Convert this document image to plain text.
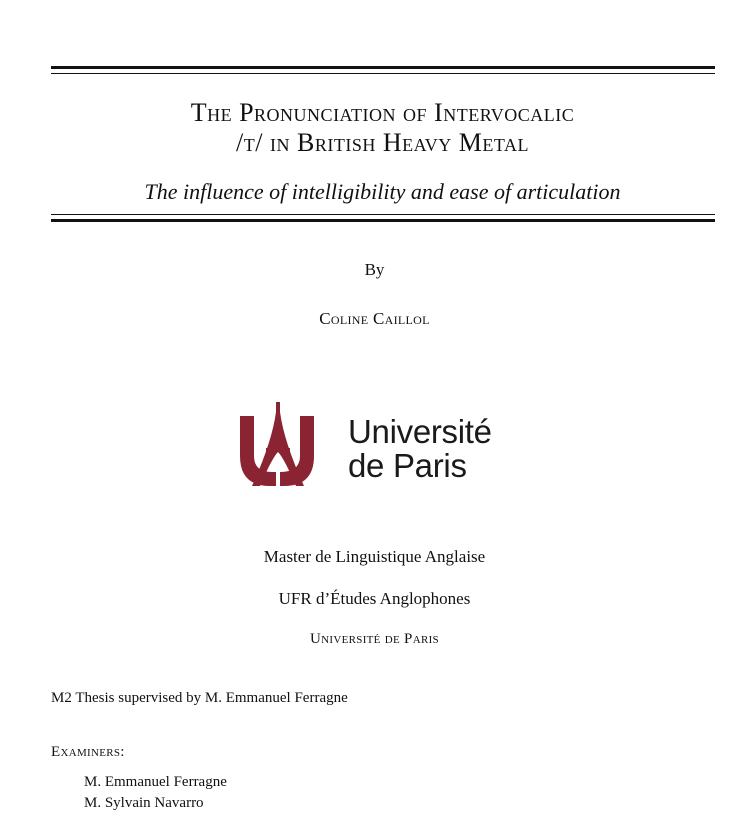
The Pronunciation of Intervocalic
/t/ in British Heavy Metal
The influence of intelligibility and ease of articulation
By
Coline Caillol
Université
de Paris
Master de Linguistique Anglaise
UFR d’Études Anglophones
Université de Paris
M2 Thesis supervised by M. Emmanuel Ferragne
Examiners:
M. Emmanuel Ferragne
M. Sylvain Navarro
